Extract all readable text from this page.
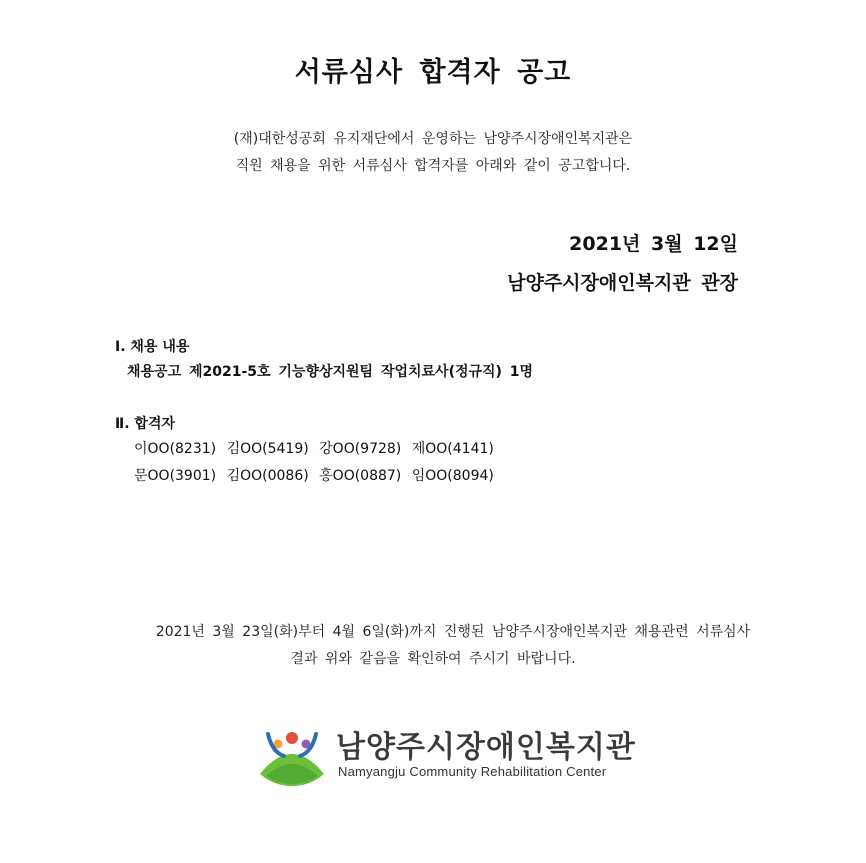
서류심사 합격자 공고
(재)대한성공회 유지재단에서 운영하는 남양주시장애인복지관은
직원 채용을 위한 서류심사 합격자를 아래와 같이 공고합니다.
2021년 3월 12일
남양주시장애인복지관 관장
Ⅰ. 채용 내용
채용공고 제2021-5호 기능향상지원팀 작업치료사(정규직) 1명
Ⅱ. 합격자
이OO(8231) 김OO(5419) 강OO(9728) 제OO(4141)
문OO(3901) 김OO(0086) 홍OO(0887) 임OO(8094)
2021년 3월 23일(화)부터 4월 6일(화)까지 진행된 남양주시장애인복지관 채용관련 서류심사
결과 위와 같음을 확인하여 주시기 바랍니다.
남양주시장애인복지관
Namyangju Community Rehabilitation Center
